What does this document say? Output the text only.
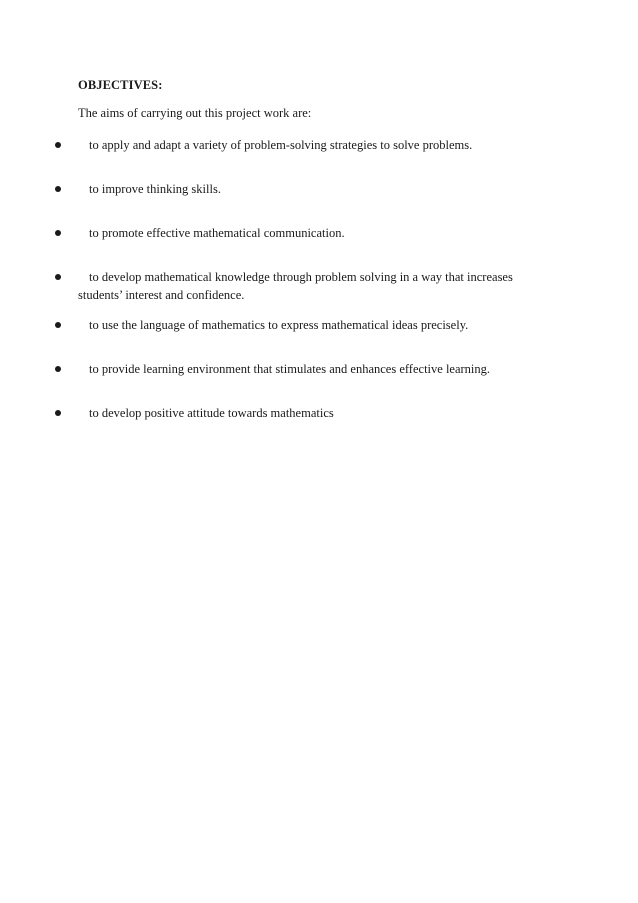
OBJECTIVES:
The aims of carrying out this project work are:
to apply and adapt a variety of problem-solving strategies to solve problems.
to improve thinking skills.
to promote effective mathematical communication.
to develop mathematical knowledge through problem solving in a way that increases students’ interest and confidence.
to use the language of mathematics to express mathematical ideas precisely.
to provide learning environment that stimulates and enhances effective learning.
to develop positive attitude towards mathematics
